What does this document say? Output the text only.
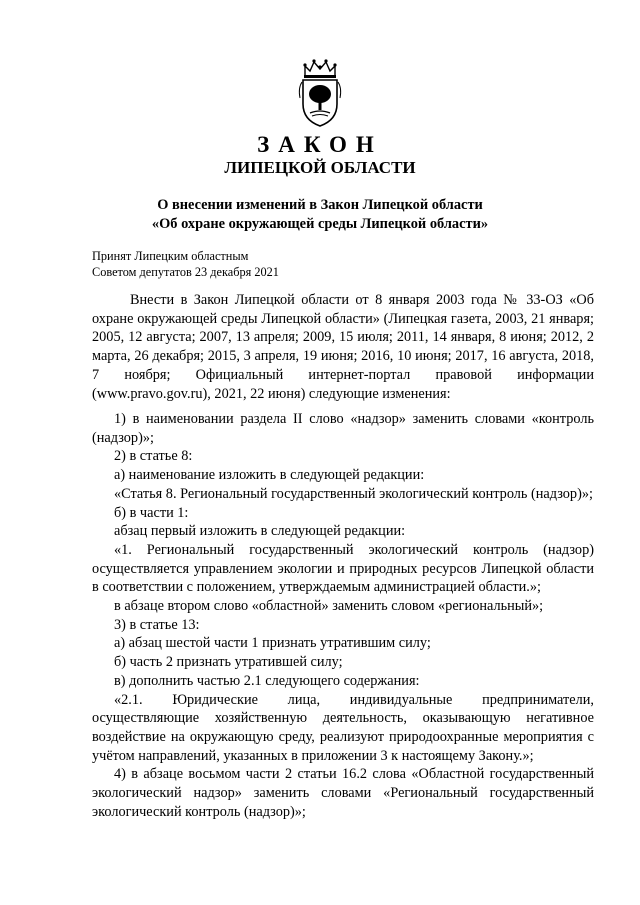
ЗАКОН
ЛИПЕЦКОЙ ОБЛАСТИ
О внесении изменений в Закон Липецкой области
«Об охране окружающей среды Липецкой области»
Принят Липецким областным
Советом депутатов 23 декабря 2021

Внести в Закон Липецкой области от 8 января 2003 года № 33-ОЗ «Об охране окружающей среды Липецкой области» (Липецкая газета, 2003, 21 января; 2005, 12 августа; 2007, 13 апреля; 2009, 15 июля; 2011, 14 января, 8 июня; 2012, 2 марта, 26 декабря; 2015, 3 апреля, 19 июня; 2016, 10 июня; 2017, 16 августа, 2018, 7 ноября; Официальный интернет-портал правовой информации (www.pravo.gov.ru), 2021, 22 июня) следующие изменения:

1) в наименовании раздела II слово «надзор» заменить словами «контроль (надзор)»;

2) в статье 8:

а) наименование изложить в следующей редакции:

«Статья 8. Региональный государственный экологический контроль (надзор)»;

б) в части 1:

абзац первый изложить в следующей редакции:

«1. Региональный государственный экологический контроль (надзор) осуществляется управлением экологии и природных ресурсов Липецкой области в соответствии с положением, утверждаемым администрацией области.»;

в абзаце втором слово «областной» заменить словом «региональный»;

3) в статье 13:

а) абзац шестой части 1 признать утратившим силу;

б) часть 2 признать утратившей силу;

в) дополнить частью 2.1 следующего содержания:

«2.1. Юридические лица, индивидуальные предприниматели, осуществляющие хозяйственную деятельность, оказывающую негативное воздействие на окружающую среду, реализуют природоохранные мероприятия с учётом направлений, указанных в приложении 3 к настоящему Закону.»;

4) в абзаце восьмом части 2 статьи 16.2 слова «Областной государственный экологический надзор» заменить словами «Региональный государственный экологический контроль (надзор)»;
